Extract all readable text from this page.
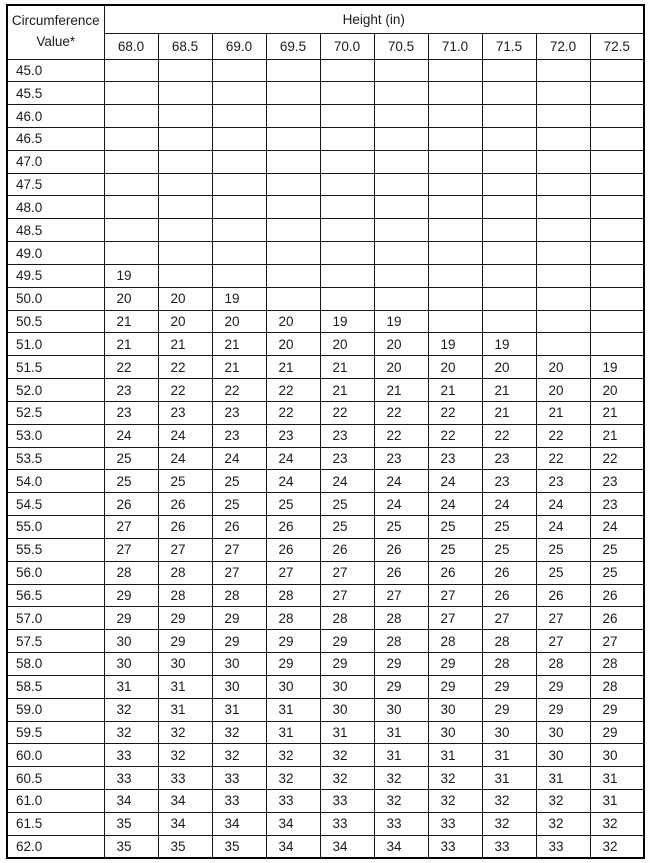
Circumference
Value*	Height (in)									
	68.0	68.5	69.0	69.5	70.0	70.5	71.0	71.5	72.0	72.5
45.0										
45.5										
46.0										
46.5										
47.0										
47.5										
48.0										
48.5										
49.0										
49.5	19									
50.0	20	20	19							
50.5	21	20	20	20	19	19				
51.0	21	21	21	20	20	20	19	19		
51.5	22	22	21	21	21	20	20	20	20	19
52.0	23	22	22	22	21	21	21	21	20	20
52.5	23	23	23	22	22	22	22	21	21	21
53.0	24	24	23	23	23	22	22	22	22	21
53.5	25	24	24	24	23	23	23	23	22	22
54.0	25	25	25	24	24	24	24	23	23	23
54.5	26	26	25	25	25	24	24	24	24	23
55.0	27	26	26	26	25	25	25	25	24	24
55.5	27	27	27	26	26	26	25	25	25	25
56.0	28	28	27	27	27	26	26	26	25	25
56.5	29	28	28	28	27	27	27	26	26	26
57.0	29	29	29	28	28	28	27	27	27	26
57.5	30	29	29	29	29	28	28	28	27	27
58.0	30	30	30	29	29	29	29	28	28	28
58.5	31	31	30	30	30	29	29	29	29	28
59.0	32	31	31	31	30	30	30	29	29	29
59.5	32	32	32	31	31	31	30	30	30	29
60.0	33	32	32	32	32	31	31	31	30	30
60.5	33	33	33	32	32	32	32	31	31	31
61.0	34	34	33	33	33	32	32	32	32	31
61.5	35	34	34	34	33	33	33	32	32	32
62.0	35	35	35	34	34	34	33	33	33	32
